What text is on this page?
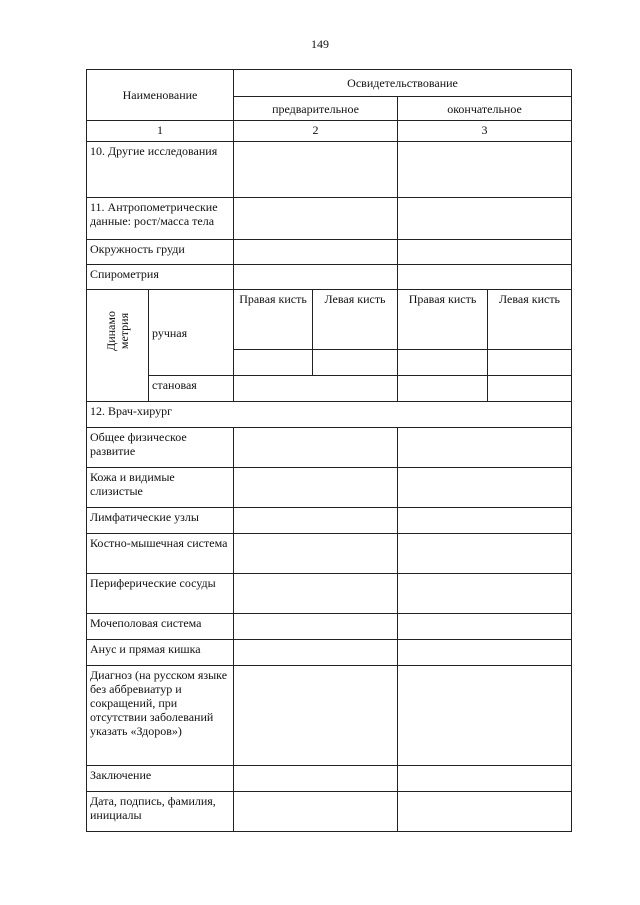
149
Наименование		Освидетельствование			
		предварительное		окончательное	
1		2		3	
10. Другие исследования					
11. Антропометрические данные: рост/масса тела					
Окружность груди					
Спирометрия					

Динамо
метрия	ручная	Правая кисть	Левая кисть	Правая кисть	Левая кисть

	становая				
12. Врач-хирург					
Общее физическое развитие					
Кожа и видимые слизистые					
Лимфатические узлы					
Костно-мышечная система					
Периферические сосуды					
Мочеполовая система					
Анус и прямая кишка					
Диагноз (на русском языке без аббревиатур и сокращений, при отсутствии заболеваний указать «Здоров»)					
Заключение					
Дата, подпись, фамилия, инициалы					
